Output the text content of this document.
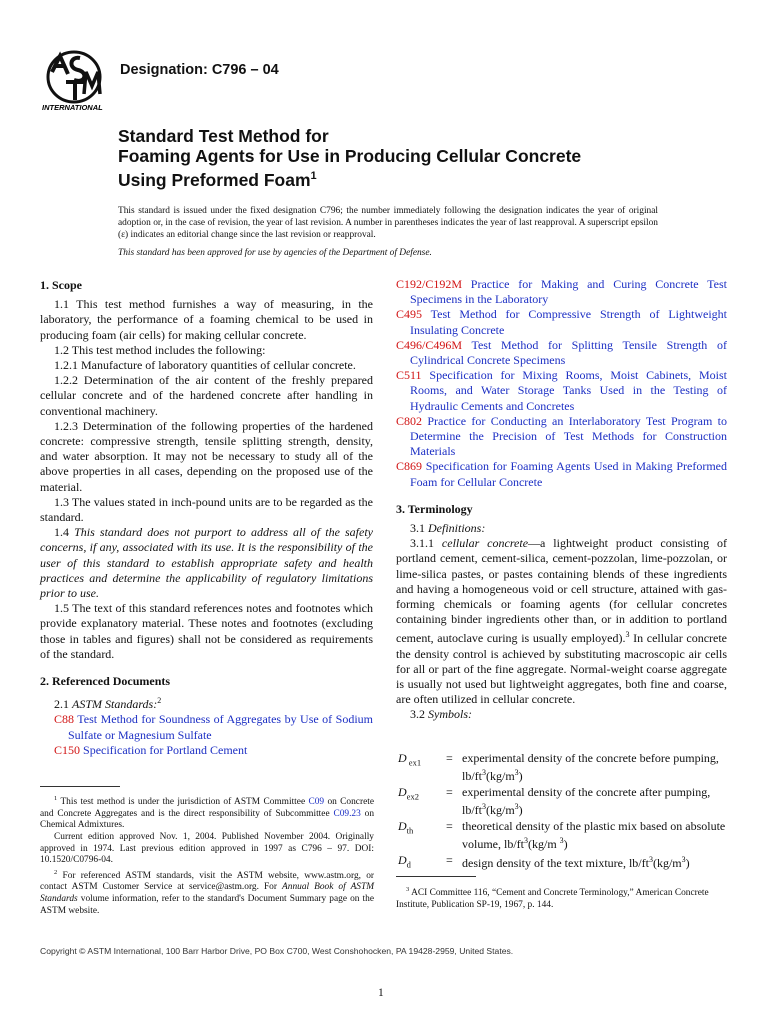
INTERNATIONAL
Designation: C796 – 04
Standard Test Method for
Foaming Agents for Use in Producing Cellular Concrete
Using Preformed Foam$^1$
This standard is issued under the fixed designation C796; the number immediately following the designation indicates the year of original adoption or, in the case of revision, the year of last revision. A number in parentheses indicates the year of last reapproval. A superscript epsilon (ε) indicates an editorial change since the last revision or reapproval.
This standard has been approved for use by agencies of the Department of Defense.

1. Scope

1.1 This test method furnishes a way of measuring, in the laboratory, the performance of a foaming chemical to be used in producing foam (air cells) for making cellular concrete.

1.2 This test method includes the following:

1.2.1 Manufacture of laboratory quantities of cellular concrete.

1.2.2 Determination of the air content of the freshly prepared cellular concrete and of the hardened concrete after handling in conventional machinery.

1.2.3 Determination of the following properties of the hardened concrete: compressive strength, tensile splitting strength, density, and water absorption. It may not be necessary to study all of the above properties in all cases, depending on the proposed use of the material.

1.3 The values stated in inch-pound units are to be regarded as the standard.

1.4 This standard does not purport to address all of the safety concerns, if any, associated with its use. It is the responsibility of the user of this standard to establish appropriate safety and health practices and determine the applicability of regulatory limitations prior to use.

1.5 The text of this standard references notes and footnotes which provide explanatory material. These notes and footnotes (excluding those in tables and figures) shall not be considered as requirements of the standard.

2. Referenced Documents

2.1 ASTM Standards:$^2$

C88 Test Method for Soundness of Aggregates by Use of Sodium Sulfate or Magnesium Sulfate

C150 Specification for Portland Cement

$^1$ This test method is under the jurisdiction of ASTM Committee C09 on Concrete and Concrete Aggregates and is the direct responsibility of Subcommittee C09.23 on Chemical Admixtures.

Current edition approved Nov. 1, 2004. Published November 2004. Originally approved in 1974. Last previous edition approved in 1997 as C796 – 97. DOI: 10.1520/C0796-04.

$^2$ For referenced ASTM standards, visit the ASTM website, www.astm.org, or contact ASTM Customer Service at service@astm.org. For Annual Book of ASTM Standards volume information, refer to the standard's Document Summary page on the ASTM website.

C192/C192M Practice for Making and Curing Concrete Test Specimens in the Laboratory

C495 Test Method for Compressive Strength of Lightweight Insulating Concrete

C496/C496M Test Method for Splitting Tensile Strength of Cylindrical Concrete Specimens

C511 Specification for Mixing Rooms, Moist Cabinets, Moist Rooms, and Water Storage Tanks Used in the Testing of Hydraulic Cements and Concretes

C802 Practice for Conducting an Interlaboratory Test Program to Determine the Precision of Test Methods for Construction Materials

C869 Specification for Foaming Agents Used in Making Preformed Foam for Cellular Concrete

3. Terminology

3.1 Definitions:

3.1.1 cellular concrete—a lightweight product consisting of portland cement, cement-silica, cement-pozzolan, lime-pozzolan, or lime-silica pastes, or pastes containing blends of these ingredients and having a homogeneous void or cell structure, attained with gas-forming chemicals or foaming agents (for cellular concretes containing binder ingredients other than, or in addition to portland cement, autoclave curing is usually employed).$^3$ In cellular concrete the density control is achieved by substituting macroscopic air cells for all or part of the fine aggregate. Normal-weight coarse aggregate is usually not used but lightweight aggregates, both fine and coarse, are often utilized in cellular concrete.

3.2 Symbols:

D $_{ex1}$	= experimental density of the concrete before pumping, $lb/ft^3(kg/m^3)$
$D_{ex2}$	= experimental density of the concrete after pumping, $lb/ft^3(kg/m^3)$
$D_{th}$	= theoretical density of the plastic mix based on absolute volume, $lb/ft^3(kg/m$ $^3$)
$D_d$	= design density of the text mixture, $lb/ft^3(kg/m^3)$

$^3$ ACI Committee 116, “Cement and Concrete Terminology,” American Concrete Institute, Publication SP-19, 1967, p. 144.

Copyright © ASTM International, 100 Barr Harbor Drive, PO Box C700, West Conshohocken, PA 19428-2959, United States.
1
